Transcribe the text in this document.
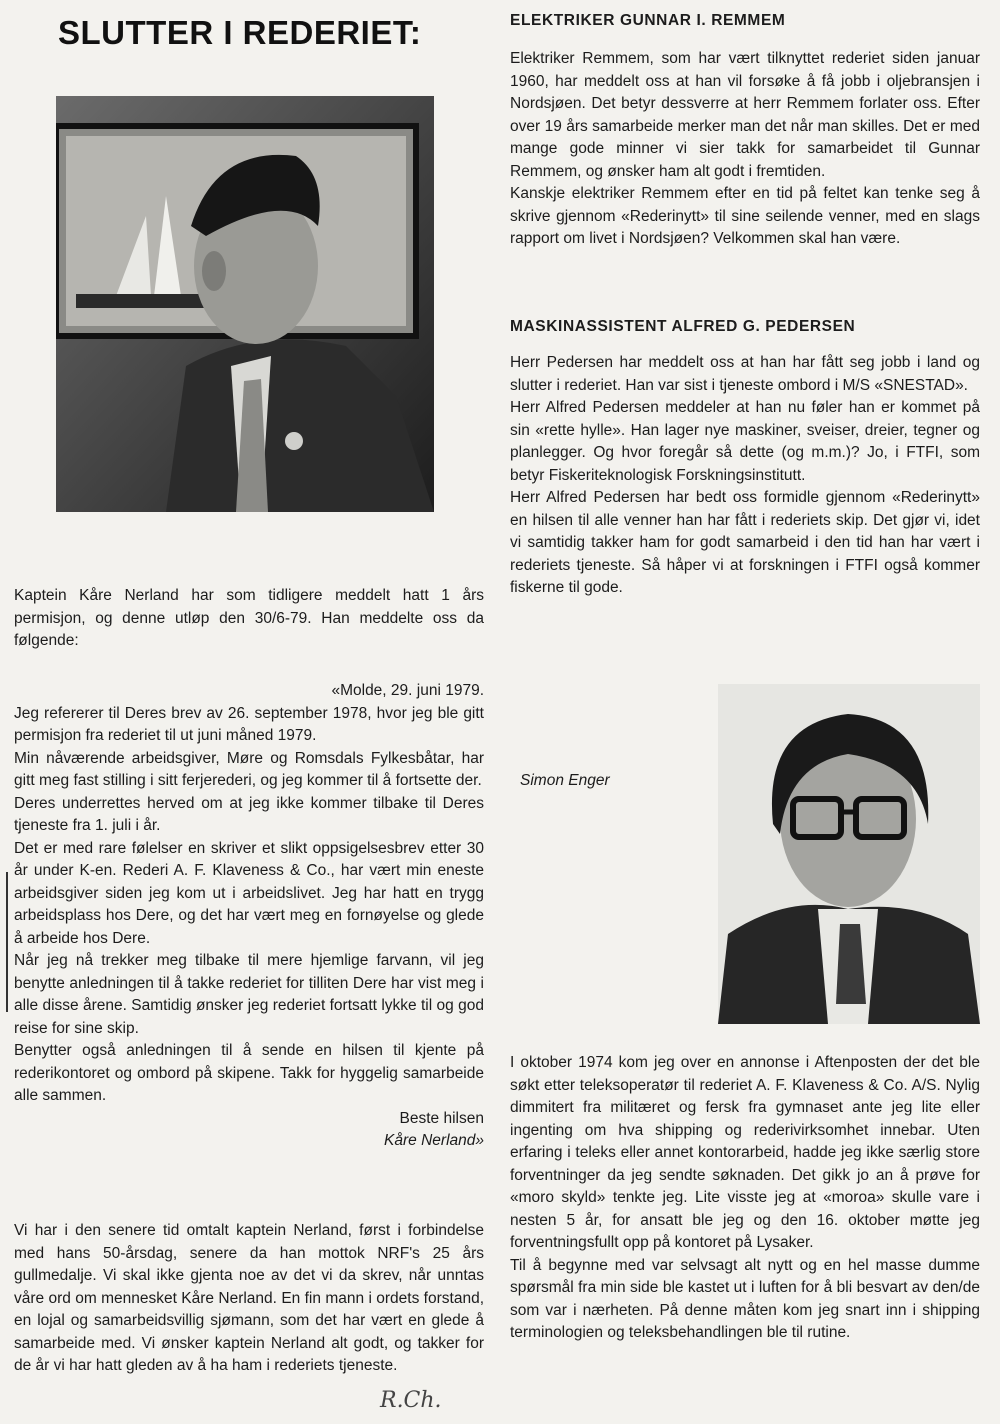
SLUTTER I REDERIET:

Kaptein Kåre Nerland har som tidligere meddelt hatt 1 års permisjon, og denne utløp den 30/6-79. Han meddelte oss da følgende:

«Molde, 29. juni 1979.

Jeg refererer til Deres brev av 26. september 1978, hvor jeg ble gitt permisjon fra rederiet til ut juni måned 1979.

Min nåværende arbeidsgiver, Møre og Romsdals Fylkesbåtar, har gitt meg fast stilling i sitt ferjerederi, og jeg kommer til å fortsette der.

Deres underrettes herved om at jeg ikke kommer tilbake til Deres tjeneste fra 1. juli i år.

Det er med rare følelser en skriver et slikt oppsigelsesbrev etter 30 år under K-en. Rederi A. F. Klaveness & Co., har vært min eneste arbeidsgiver siden jeg kom ut i arbeidslivet. Jeg har hatt en trygg arbeidsplass hos Dere, og det har vært meg en fornøyelse og glede å arbeide hos Dere.

Når jeg nå trekker meg tilbake til mere hjemlige farvann, vil jeg benytte anledningen til å takke rederiet for tilliten Dere har vist meg i alle disse årene. Samtidig ønsker jeg rederiet fortsatt lykke til og god reise for sine skip.

Benytter også anledningen til å sende en hilsen til kjente på rederikontoret og ombord på skipene. Takk for hyggelig samarbeide alle sammen.

Beste hilsen

Kåre Nerland»

Vi har i den senere tid omtalt kaptein Nerland, først i forbindelse med hans 50-årsdag, senere da han mottok NRF's 25 års gullmedalje. Vi skal ikke gjenta noe av det vi da skrev, når unntas våre ord om mennesket Kåre Nerland. En fin mann i ordets forstand, en lojal og samarbeidsvillig sjømann, som det har vært en glede å samarbeide med. Vi ønsker kaptein Nerland alt godt, og takker for de år vi har hatt gleden av å ha ham i rederiets tjeneste.

R.Ch.

ELEKTRIKER GUNNAR I. REMMEM

Elektriker Remmem, som har vært tilknyttet rederiet siden januar 1960, har meddelt oss at han vil forsøke å få jobb i oljebransjen i Nordsjøen. Det betyr dessverre at herr Remmem forlater oss. Efter over 19 års samarbeide merker man det når man skilles. Det er med mange gode minner vi sier takk for samarbeidet til Gunnar Remmem, og ønsker ham alt godt i fremtiden.

Kanskje elektriker Remmem efter en tid på feltet kan tenke seg å skrive gjennom «Rederinytt» til sine seilende venner, med en slags rapport om livet i Nordsjøen? Velkommen skal han være.

MASKINASSISTENT ALFRED G. PEDERSEN

Herr Pedersen har meddelt oss at han har fått seg jobb i land og slutter i rederiet. Han var sist i tjeneste ombord i M/S «SNESTAD».

Herr Alfred Pedersen meddeler at han nu føler han er kommet på sin «rette hylle». Han lager nye maskiner, sveiser, dreier, tegner og planlegger. Og hvor foregår så dette (og m.m.)? Jo, i FTFI, som betyr Fiskeriteknologisk Forskningsinstitutt.

Herr Alfred Pedersen har bedt oss formidle gjennom «Rederinytt» en hilsen til alle venner han har fått i rederiets skip. Det gjør vi, idet vi samtidig takker ham for godt samarbeid i den tid han har vært i rederiets tjeneste. Så håper vi at forskningen i FTFI også kommer fiskerne til gode.

Simon Enger

I oktober 1974 kom jeg over en annonse i Aftenposten der det ble søkt etter teleksoperatør til rederiet A. F. Klaveness & Co. A/S. Nylig dimmitert fra militæret og fersk fra gymnaset ante jeg lite eller ingenting om hva shipping og rederivirksomhet innebar. Uten erfaring i teleks eller annet kontorarbeid, hadde jeg ikke særlig store forventninger da jeg sendte søknaden. Det gikk jo an å prøve for «moro skyld» tenkte jeg. Lite visste jeg at «moroa» skulle vare i nesten 5 år, for ansatt ble jeg og den 16. oktober møtte jeg forventningsfullt opp på kontoret på Lysaker.

Til å begynne med var selvsagt alt nytt og en hel masse dumme spørsmål fra min side ble kastet ut i luften for å bli besvart av den/de som var i nærheten. På denne måten kom jeg snart inn i shipping terminologien og teleksbehandlingen ble til rutine.
